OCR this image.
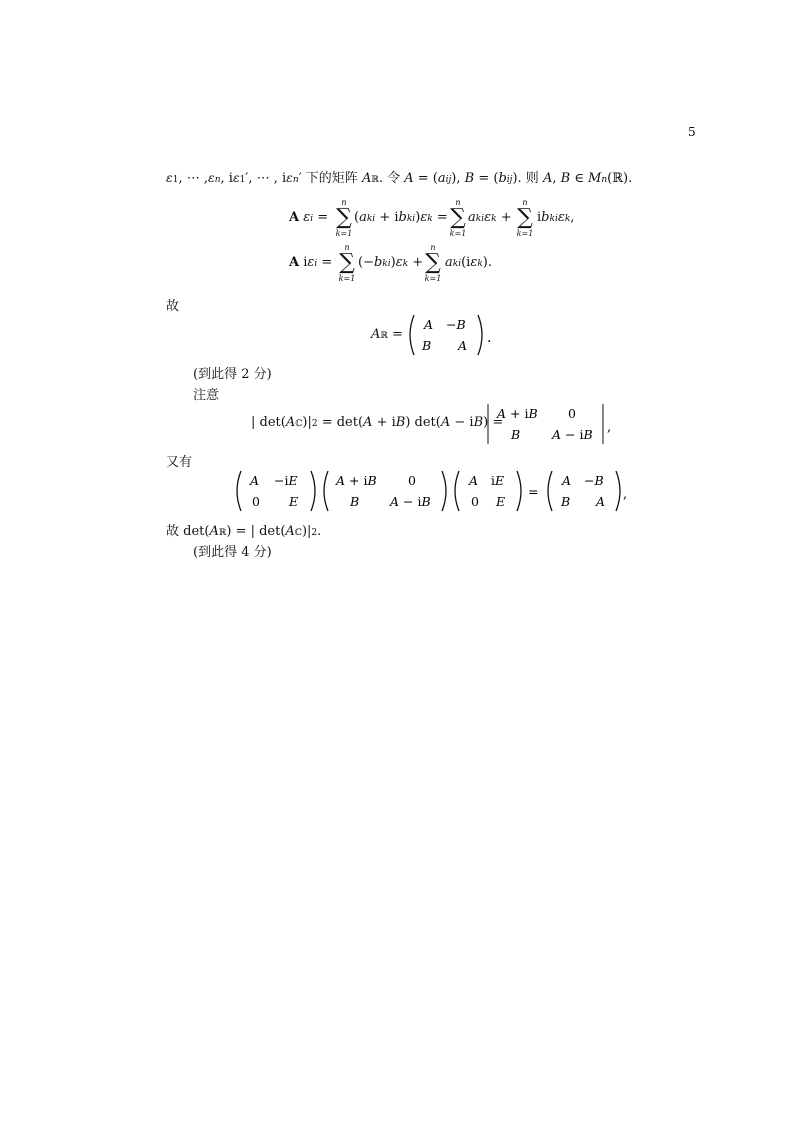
5
ε1, ⋯ ,εn, iε1′, ⋯ , iεn′ 下的矩阵 Aℝ. 令 A = (aij), B = (bij). 则 A, B ∈ Mn(ℝ).
A εi =
n
∑
k=1
(aki + ibki)εk =
n
∑
k=1
akiεk +
n
∑
k=1
ibkiεk,
A iεi =
n
∑
k=1
(−bki)εk +
n
∑
k=1
aki(iεk).
故
Aℝ =
A −B
B A .
(到此得 2 分)
注意
| det(Aℂ)|2 = det(A + iB) det(A − iB) =
A + iB 0
B	A − iB ,
又有
A −iE
0 E
A + iB	0
B A − iB
A iE
0 E
=
A −B
B A ,
故 det(Aℝ) = | det(Aℂ)|2.
(到此得 4 分)
